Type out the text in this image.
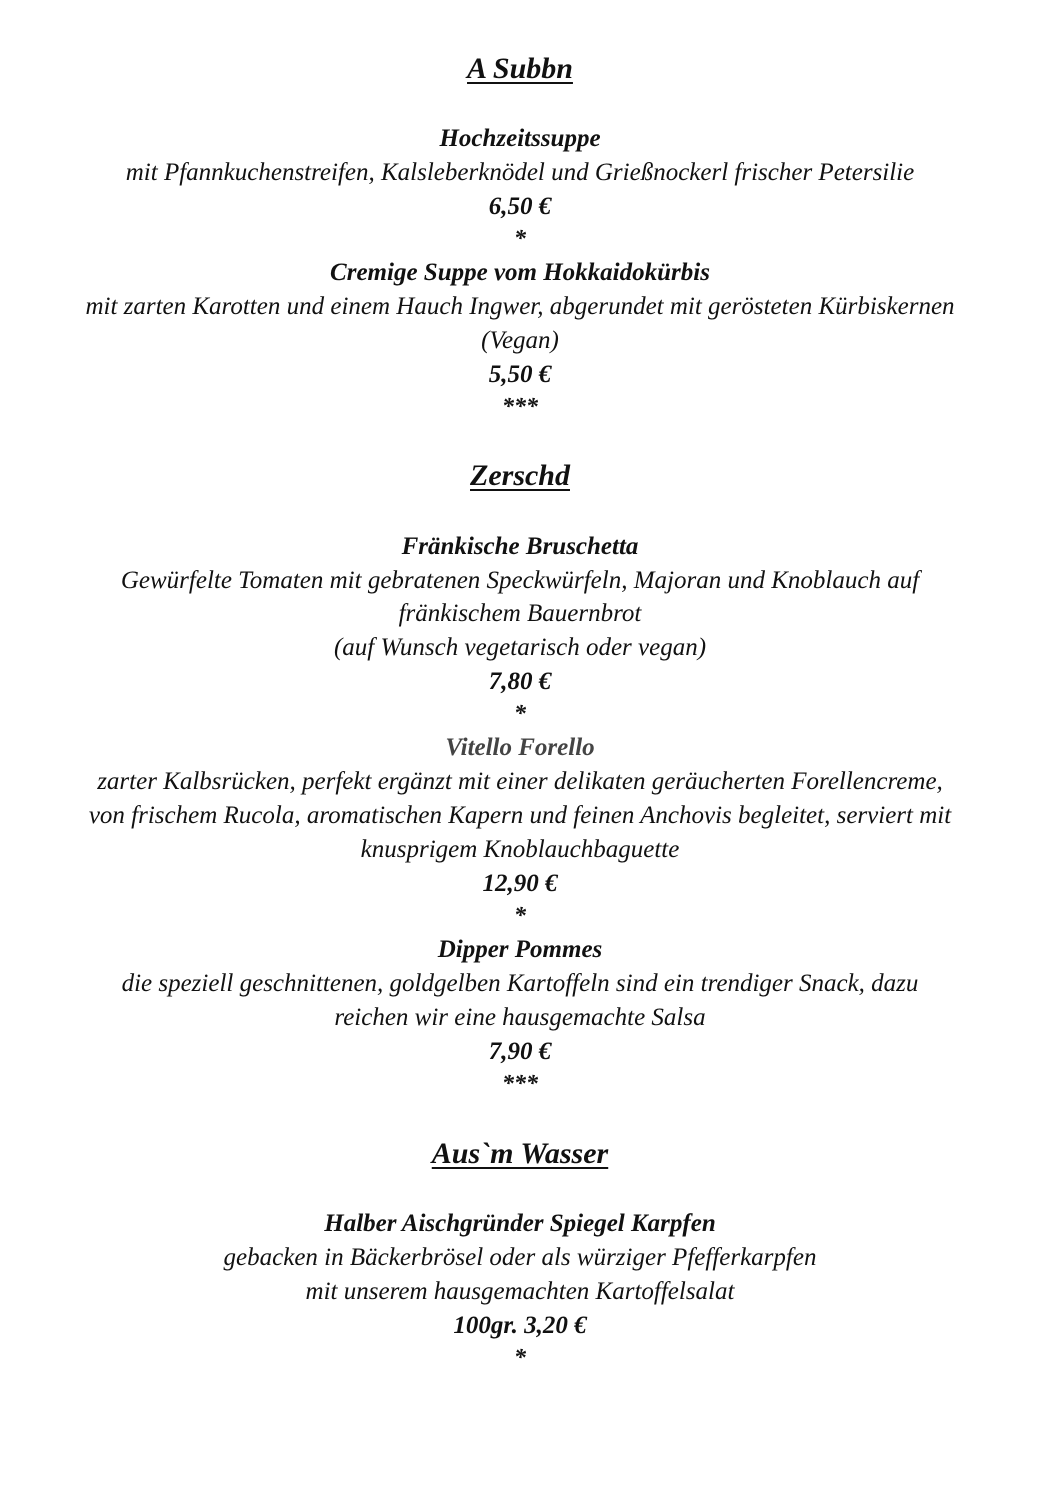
A Subbn
Hochzeitssuppe
mit Pfannkuchenstreifen, Kalsleberknödel und Grießnockerl frischer Petersilie
6,50 €
*
Cremige Suppe vom Hokkaidokürbis
mit zarten Karotten und einem Hauch Ingwer, abgerundet mit gerösteten Kürbiskernen
(Vegan)
5,50 €
***
Zerschd
Fränkische Bruschetta
Gewürfelte Tomaten mit gebratenen Speckwürfeln, Majoran und Knoblauch auf
fränkischem Bauernbrot
(auf Wunsch vegetarisch oder vegan)
7,80 €
*
Vitello Forello
zarter Kalbsrücken, perfekt ergänzt mit einer delikaten geräucherten Forellencreme,
von frischem Rucola, aromatischen Kapern und feinen Anchovis begleitet, serviert mit
knusprigem Knoblauchbaguette
12,90 €
*
Dipper Pommes
die speziell geschnittenen, goldgelben Kartoffeln sind ein trendiger Snack, dazu
reichen wir eine hausgemachte Salsa
7,90 €
***
Aus`m Wasser
Halber Aischgründer Spiegel Karpfen
gebacken in Bäckerbrösel oder als würziger Pfefferkarpfen
mit unserem hausgemachten Kartoffelsalat
100gr. 3,20 €
*
